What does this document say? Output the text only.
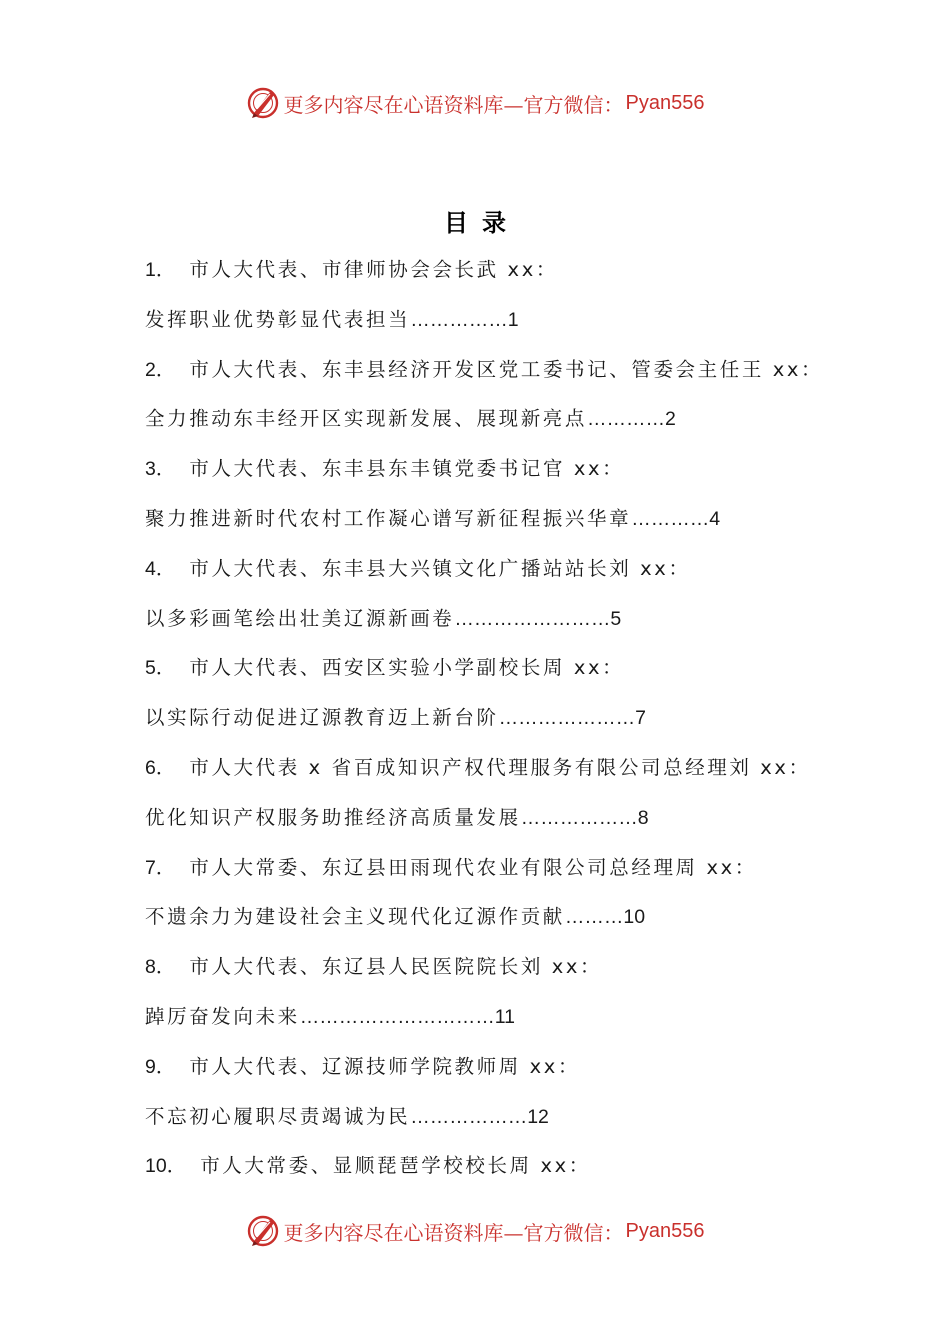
更多内容尽在心语资料库—官方微信： Pyan556
目录
1． 市人大代表、市律师协会会长武 xx：
发挥职业优势彰显代表担当……………1
2． 市人大代表、东丰县经济开发区党工委书记、管委会主任王 xx：
全力推动东丰经开区实现新发展、展现新亮点…………2
3． 市人大代表、东丰县东丰镇党委书记官 xx：
聚力推进新时代农村工作凝心谱写新征程振兴华章…………4
4． 市人大代表、东丰县大兴镇文化广播站站长刘 xx：
以多彩画笔绘出壮美辽源新画卷……………………5
5． 市人大代表、西安区实验小学副校长周 xx：
以实际行动促进辽源教育迈上新台阶…………………7
6． 市人大代表 x 省百成知识产权代理服务有限公司总经理刘 xx：
优化知识产权服务助推经济高质量发展………………8
7． 市人大常委、东辽县田雨现代农业有限公司总经理周 xx：
不遗余力为建设社会主义现代化辽源作贡献………10
8． 市人大代表、东辽县人民医院院长刘 xx：
踔厉奋发向未来…………………………11
9． 市人大代表、辽源技师学院教师周 xx：
不忘初心履职尽责竭诚为民………………12
10． 市人大常委、显顺琵琶学校校长周 xx：
更多内容尽在心语资料库—官方微信： Pyan556
